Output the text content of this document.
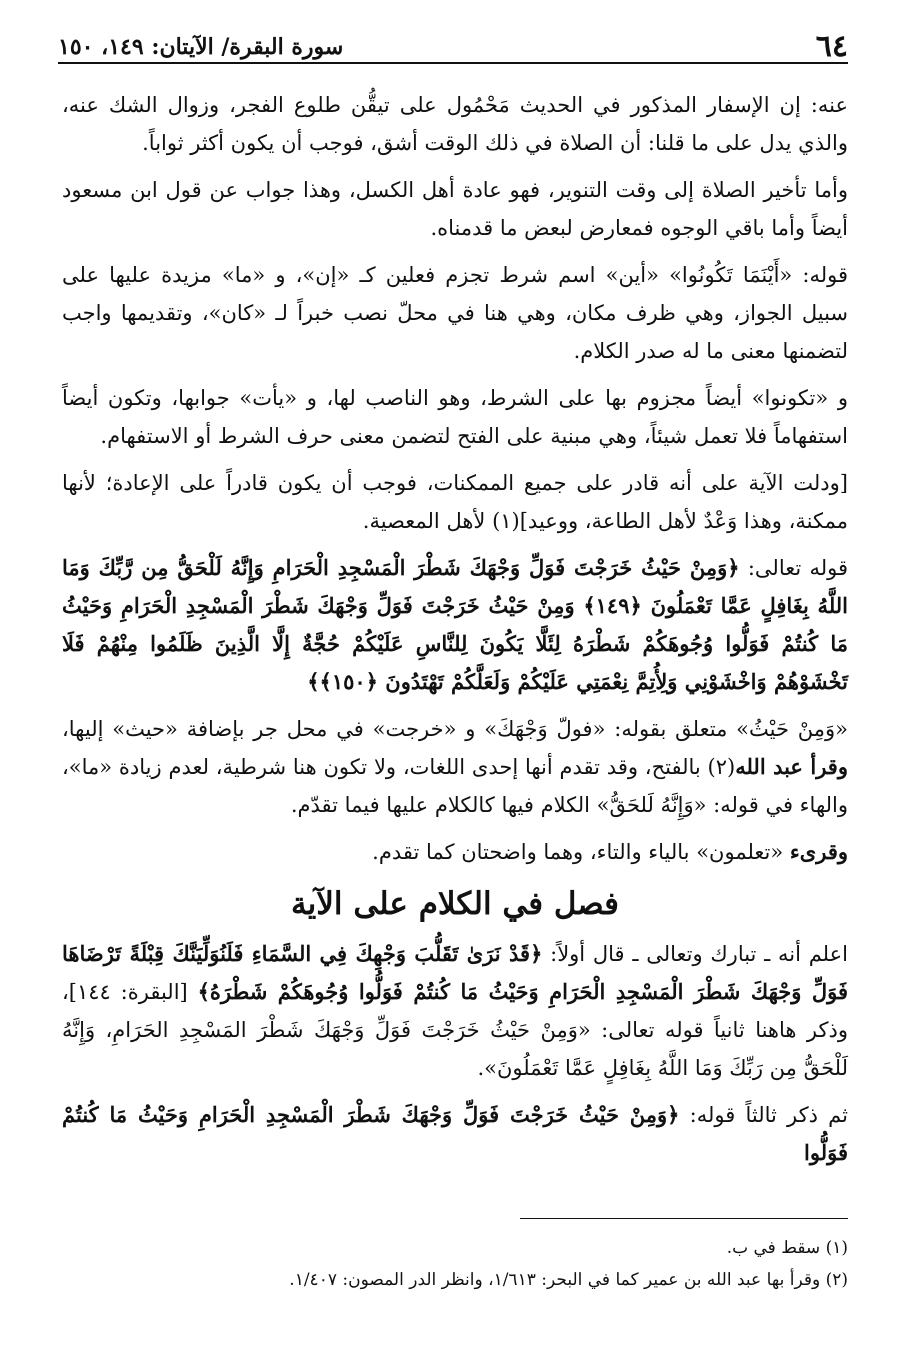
٦٤
سورة البقرة/ الآيتان: ١٤٩، ١٥٠

عنه: إن الإسفار المذكور في الحديث مَحْمُول على تيقُّن طلوع الفجر، وزوال الشك عنه، والذي يدل على ما قلنا: أن الصلاة في ذلك الوقت أشق، فوجب أن يكون أكثر ثواباً.

وأما تأخير الصلاة إلى وقت التنوير، فهو عادة أهل الكسل، وهذا جواب عن قول ابن مسعود أيضاً وأما باقي الوجوه فمعارض لبعض ما قدمناه.

قوله: «أَيْنَمَا تَكُونُوا» «أين» اسم شرط تجزم فعلين كـ «إن»، و «ما» مزيدة عليها على سبيل الجواز، وهي ظرف مكان، وهي هنا في محلّ نصب خبراً لـ «كان»، وتقديمها واجب لتضمنها معنى ما له صدر الكلام.

و «تكونوا» أيضاً مجزوم بها على الشرط، وهو الناصب لها، و «يأت» جوابها، وتكون أيضاً استفهاماً فلا تعمل شيئاً، وهي مبنية على الفتح لتضمن معنى حرف الشرط أو الاستفهام.

[ودلت الآية على أنه قادر على جميع الممكنات، فوجب أن يكون قادراً على الإعادة؛ لأنها ممكنة، وهذا وَعْدٌ لأهل الطاعة، ووعيد](١) لأهل المعصية.

قوله تعالى: ﴿وَمِنْ حَيْثُ خَرَجْتَ فَوَلِّ وَجْهَكَ شَطْرَ الْمَسْجِدِ الْحَرَامِ وَإِنَّهُ لَلْحَقُّ مِن رَّبِّكَ وَمَا اللَّهُ بِغَافِلٍ عَمَّا تَعْمَلُونَ ﴿١٤٩﴾ وَمِنْ حَيْثُ خَرَجْتَ فَوَلِّ وَجْهَكَ شَطْرَ الْمَسْجِدِ الْحَرَامِ وَحَيْثُ مَا كُنتُمْ فَوَلُّوا وُجُوهَكُمْ شَطْرَهُ لِئَلَّا يَكُونَ لِلنَّاسِ عَلَيْكُمْ حُجَّةٌ إِلَّا الَّذِينَ ظَلَمُوا مِنْهُمْ فَلَا تَخْشَوْهُمْ وَاخْشَوْنِي وَلِأُتِمَّ نِعْمَتِي عَلَيْكُمْ وَلَعَلَّكُمْ تَهْتَدُونَ ﴿١٥٠﴾﴾

«وَمِنْ حَيْثُ» متعلق بقوله: «فولّ وَجْهَكَ» و «خرجت» في محل جر بإضافة «حيث» إليها، وقرأ عبد الله(٢) بالفتح، وقد تقدم أنها إحدى اللغات، ولا تكون هنا شرطية، لعدم زيادة «ما»، والهاء في قوله: «وَإِنَّهُ لَلحَقُّ» الكلام فيها كالكلام عليها فيما تقدّم.

وقرىء «تعلمون» بالياء والتاء، وهما واضحتان كما تقدم.

فصل في الكلام على الآية

اعلم أنه ـ تبارك وتعالى ـ قال أولاً: ﴿قَدْ نَرَىٰ تَقَلُّبَ وَجْهِكَ فِي السَّمَاءِ فَلَنُوَلِّيَنَّكَ قِبْلَةً تَرْضَاهَا فَوَلِّ وَجْهَكَ شَطْرَ الْمَسْجِدِ الْحَرَامِ وَحَيْثُ مَا كُنتُمْ فَوَلُّوا وُجُوهَكُمْ شَطْرَهُ﴾ [البقرة: ١٤٤]، وذكر هاهنا ثانياً قوله تعالى: «وَمِنْ حَيْثُ خَرَجْتَ فَوَلِّ وَجْهَكَ شَطْرَ المَسْجِدِ الحَرَامِ، وَإِنَّهُ لَلْحَقُّ مِن رَبِّكَ وَمَا اللَّهُ بِغَافِلٍ عَمَّا تَعْمَلُونَ».

ثم ذكر ثالثاً قوله: ﴿وَمِنْ حَيْثُ خَرَجْتَ فَوَلِّ وَجْهَكَ شَطْرَ الْمَسْجِدِ الْحَرَامِ وَحَيْثُ مَا كُنتُمْ فَوَلُّوا

(١) سقط في ب.

(٢) وقرأ بها عبد الله بن عمير كما في البحر: ١/٦١٣، وانظر الدر المصون: ١/٤٠٧.
